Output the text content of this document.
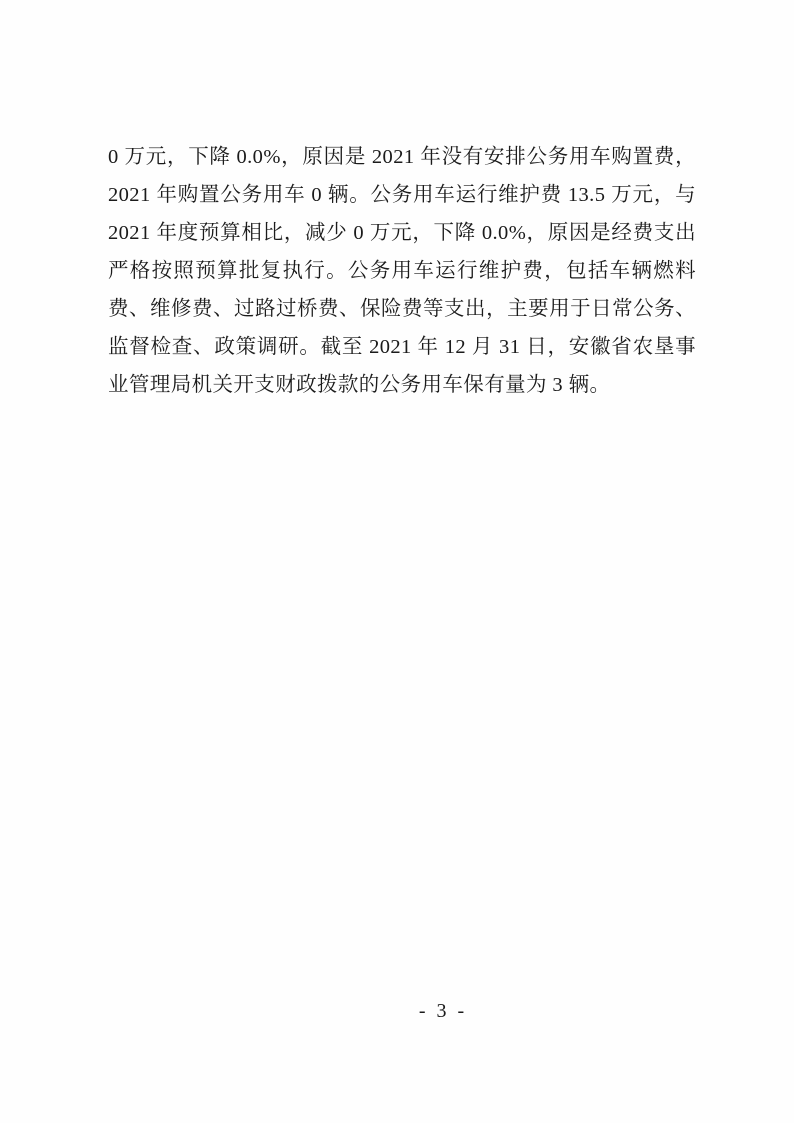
0 万元，下降 0.0%，原因是 2021 年没有安排公务用车购置费，2021 年购置公务用车 0 辆。公务用车运行维护费 13.5 万元，与 2021 年度预算相比，减少 0 万元，下降 0.0%，原因是经费支出严格按照预算批复执行。公务用车运行维护费，包括车辆燃料费、维修费、过路过桥费、保险费等支出，主要用于日常公务、监督检查、政策调研。截至 2021 年 12 月 31 日，安徽省农垦事业管理局机关开支财政拨款的公务用车保有量为 3 辆。

- 3 -
